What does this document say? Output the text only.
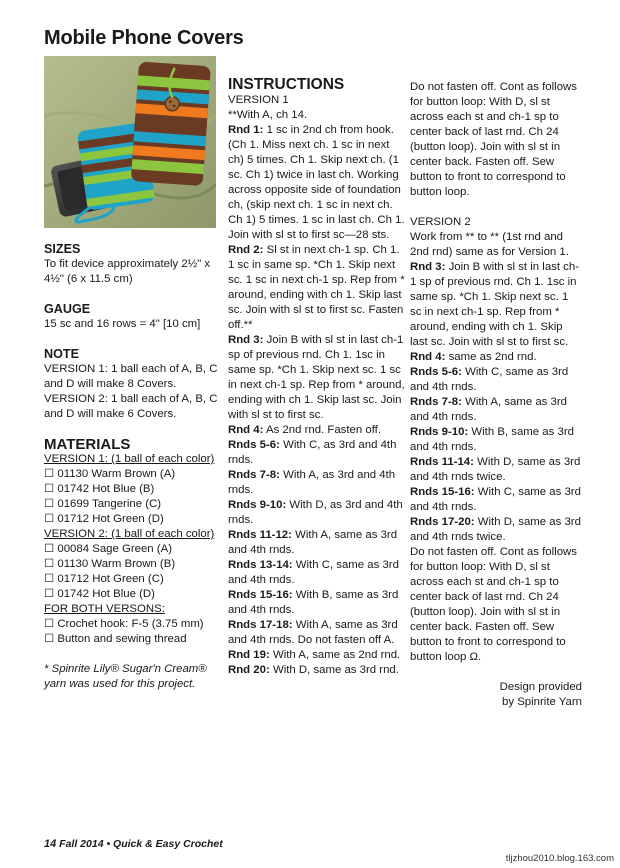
Mobile Phone Covers

SIZES

To fit device approximately 2½" x 4½" (6 x 11.5 cm)

GAUGE

15 sc and 16 rows = 4" [10 cm]

NOTE

VERSION 1: 1 ball each of A, B, C and D will make 8 Covers.

VERSION 2: 1 ball each of A, B, C and D will make 6 Covers.

MATERIALS

VERSION 1: (1 ball of each color)

☐ 01130 Warm Brown (A)

☐ 01742 Hot Blue (B)

☐ 01699 Tangerine (C)

☐ 01712 Hot Green (D)

VERSION 2: (1 ball of each color)

☐ 00084 Sage Green (A)

☐ 01130 Warm Brown (B)

☐ 01712 Hot Green (C)

☐ 01742 Hot Blue (D)

FOR BOTH VERSONS:

☐ Crochet hook: F-5 (3.75 mm)

☐ Button and sewing thread

* Spinrite Lily® Sugar'n Cream® yarn was used for this project.

INSTRUCTIONS

VERSION 1

**With A, ch 14.

Rnd 1: 1 sc in 2nd ch from hook. (Ch 1. Miss next ch. 1 sc in next ch) 5 times. Ch 1. Skip next ch. (1 sc. Ch 1) twice in last ch. Working across opposite side of foundation ch, (skip next ch. 1 sc in next ch. Ch 1) 5 times. 1 sc in last ch. Ch 1. Join with sl st to first sc—28 sts.

Rnd 2: Sl st in next ch-1 sp. Ch 1. 1 sc in same sp. *Ch 1. Skip next sc. 1 sc in next ch-1 sp. Rep from * around, ending with ch 1. Skip last sc. Join with sl st to first sc. Fasten off.**

Rnd 3: Join B with sl st in last ch-1 sp of previous rnd. Ch 1. 1sc in same sp. *Ch 1. Skip next sc. 1 sc in next ch-1 sp. Rep from * around, ending with ch 1. Skip last sc. Join with sl st to first sc.

Rnd 4: As 2nd rnd. Fasten off.

Rnds 5-6: With C, as 3rd and 4th rnds.

Rnds 7-8: With A, as 3rd and 4th rnds.

Rnds 9-10: With D, as 3rd and 4th rnds.

Rnds 11-12: With A, same as 3rd and 4th rnds.

Rnds 13-14: With C, same as 3rd and 4th rnds.

Rnds 15-16: With B, same as 3rd and 4th rnds.

Rnds 17-18: With A, same as 3rd and 4th rnds. Do not fasten off A.

Rnd 19: With A, same as 2nd rnd.

Rnd 20: With D, same as 3rd rnd.

Do not fasten off. Cont as follows for button loop: With D, sl st across each st and ch-1 sp to center back of last rnd. Ch 24 (button loop). Join with sl st in center back. Fasten off. Sew button to front to correspond to button loop.

VERSION 2

Work from ** to ** (1st rnd and 2nd rnd) same as for Version 1.

Rnd 3: Join B with sl st in last ch-1 sp of previous rnd. Ch 1. 1sc in same sp. *Ch 1. Skip next sc. 1 sc in next ch-1 sp. Rep from * around, ending with ch 1. Skip last sc. Join with sl st to first sc.

Rnd 4: same as 2nd rnd.

Rnds 5-6: With C, same as 3rd and 4th rnds.

Rnds 7-8: With A, same as 3rd and 4th rnds.

Rnds 9-10: With B, same as 3rd and 4th rnds.

Rnds 11-14: With D, same as 3rd and 4th rnds twice.

Rnds 15-16: With C, same as 3rd and 4th rnds.

Rnds 17-20: With D, same as 3rd and 4th rnds twice.

Do not fasten off. Cont as follows for button loop: With D, sl st across each st and ch-1 sp to center back of last rnd. Ch 24 (button loop). Join with sl st in center back. Fasten off. Sew button to front to correspond to button loop Ω.

Design provided

by Spinrite Yarn

14 Fall 2014 • Quick & Easy Crochet
tljzhou2010.blog.163.com
